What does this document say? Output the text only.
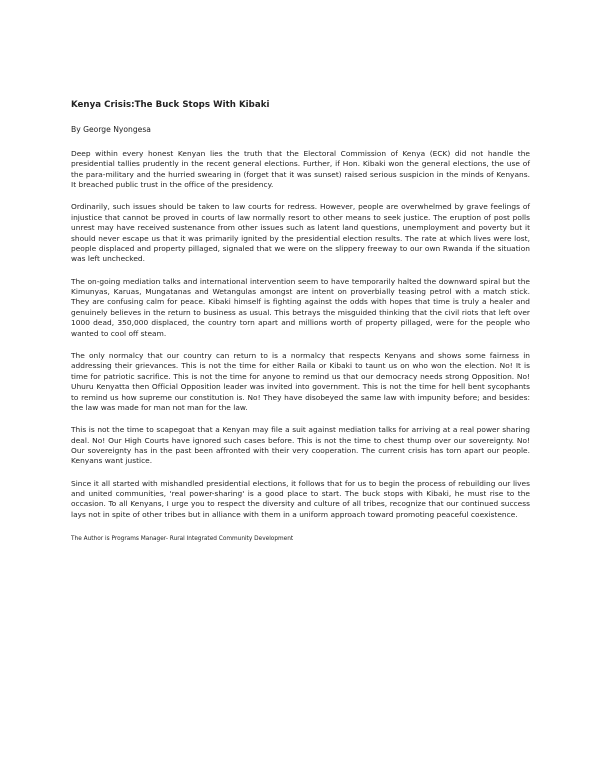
Kenya Crisis:The Buck Stops With Kibaki
By George Nyongesa

Deep within every honest Kenyan lies the truth that the Electoral Commission of Kenya (ECK) did not handle the presidential tallies prudently in the recent general elections. Further, if Hon. Kibaki won the general elections, the use of the para-military and the hurried swearing in (forget that it was sunset) raised serious suspicion in the minds of Kenyans. It breached public trust in the office of the presidency.

Ordinarily, such issues should be taken to law courts for redress. However, people are overwhelmed by grave feelings of injustice that cannot be proved in courts of law normally resort to other means to seek justice. The eruption of post polls unrest may have received sustenance from other issues such as latent land questions, unemployment and poverty but it should never escape us that it was primarily ignited by the presidential election results. The rate at which lives were lost, people displaced and property pillaged, signaled that we were on the slippery freeway to our own Rwanda if the situation was left unchecked.

The on-going mediation talks and international intervention seem to have temporarily halted the downward spiral but the Kimunyas, Karuas, Mungatanas and Wetangulas amongst are intent on proverbially teasing petrol with a match stick. They are confusing calm for peace. Kibaki himself is fighting against the odds with hopes that time is truly a healer and genuinely believes in the return to business as usual. This betrays the misguided thinking that the civil riots that left over 1000 dead, 350,000 displaced, the country torn apart and millions worth of property pillaged, were for the people who wanted to cool off steam.

The only normalcy that our country can return to is a normalcy that respects Kenyans and shows some fairness in addressing their grievances. This is not the time for either Raila or Kibaki to taunt us on who won the election. No! It is time for patriotic sacrifice. This is not the time for anyone to remind us that our democracy needs strong Opposition. No! Uhuru Kenyatta then Official Opposition leader was invited into government. This is not the time for hell bent sycophants to remind us how supreme our constitution is. No! They have disobeyed the same law with impunity before; and besides: the law was made for man not man for the law.

This is not the time to scapegoat that a Kenyan may file a suit against mediation talks for arriving at a real power sharing deal. No! Our High Courts have ignored such cases before. This is not the time to chest thump over our sovereignty. No! Our sovereignty has in the past been affronted with their very cooperation. The current crisis has torn apart our people. Kenyans want justice.

Since it all started with mishandled presidential elections, it follows that for us to begin the process of rebuilding our lives and united communities, 'real power-sharing' is a good place to start. The buck stops with Kibaki, he must rise to the occasion. To all Kenyans, I urge you to respect the diversity and culture of all tribes, recognize that our continued success lays not in spite of other tribes but in alliance with them in a uniform approach toward promoting peaceful coexistence.

The Author is Programs Manager- Rural Integrated Community Development
